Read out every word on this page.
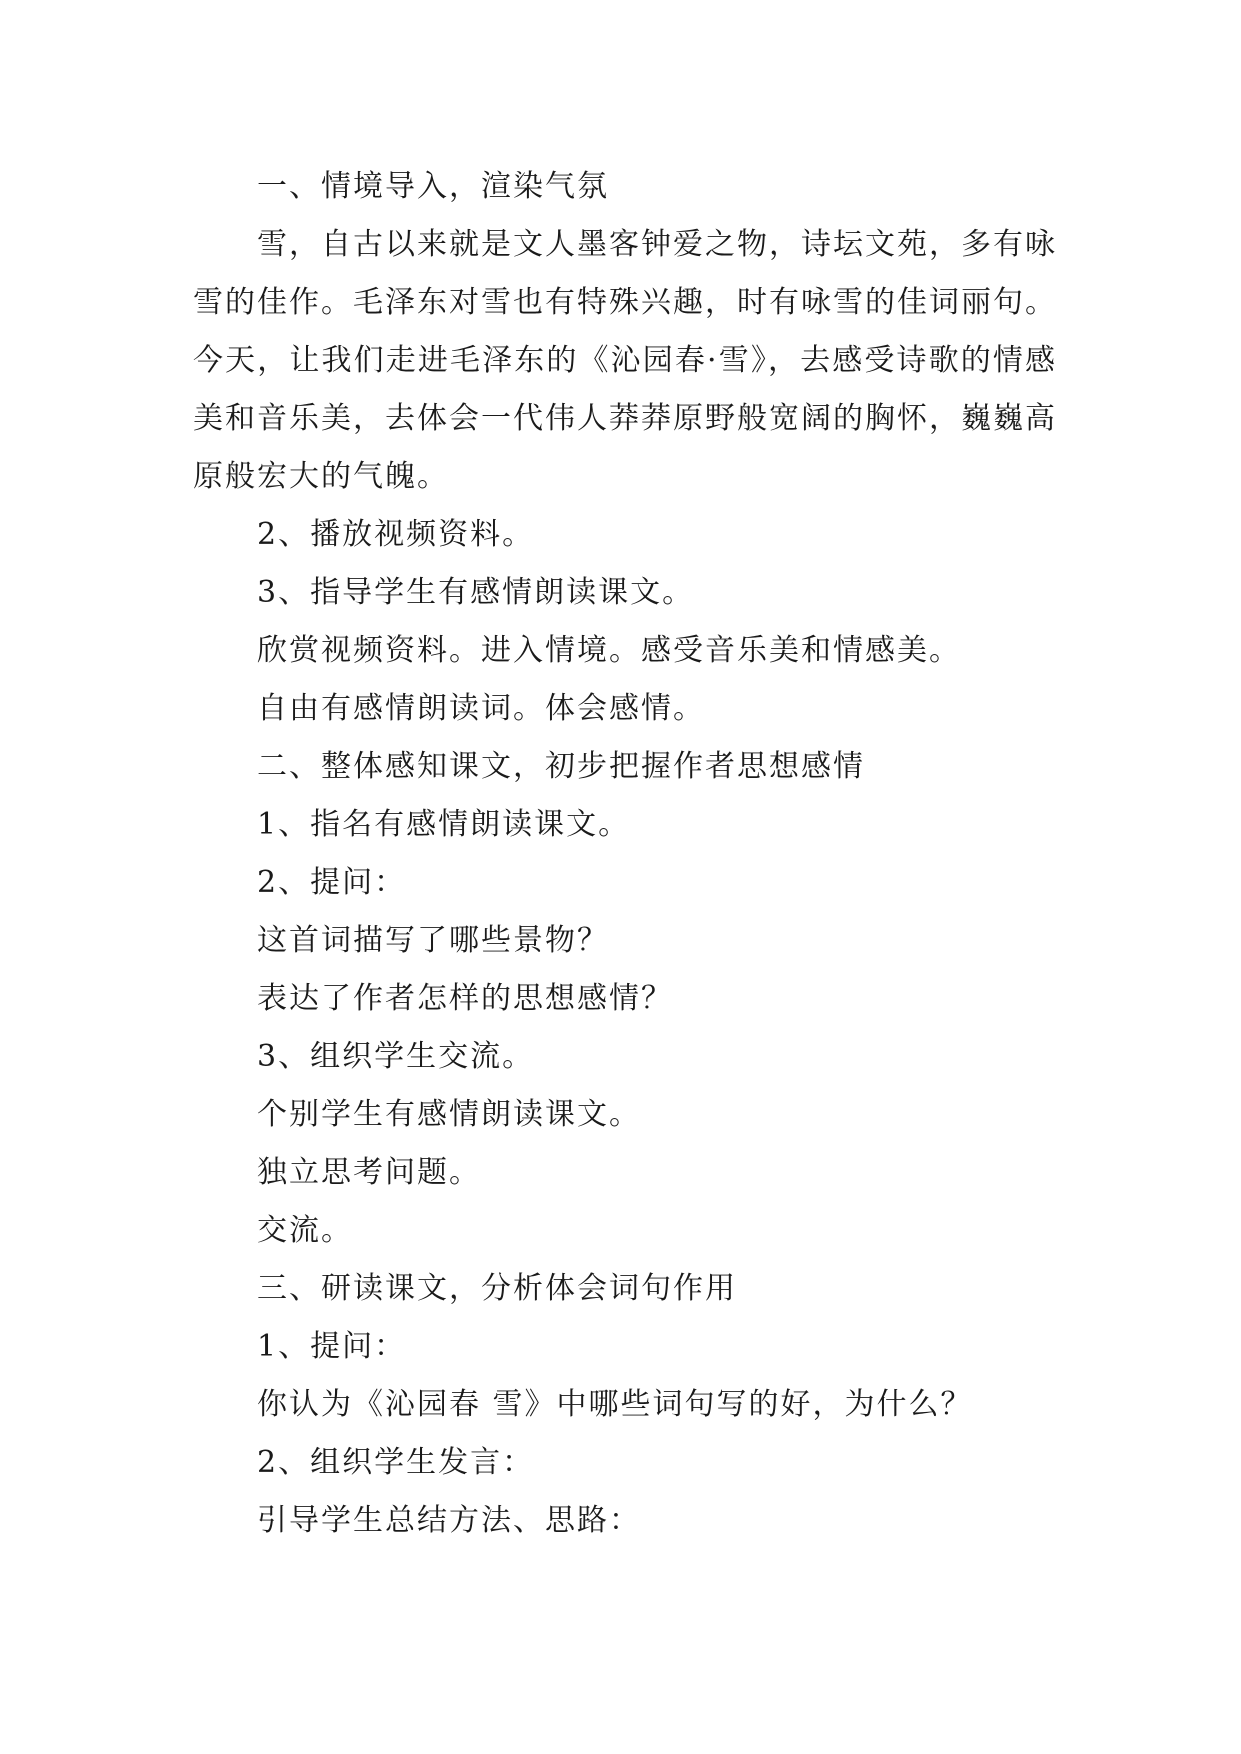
一、情境导入，渲染气氛

雪，自古以来就是文人墨客钟爱之物，诗坛文苑，多有咏雪的佳作。毛泽东对雪也有特殊兴趣，时有咏雪的佳词丽句。今天，让我们走进毛泽东的《沁园春·雪》，去感受诗歌的情感美和音乐美，去体会一代伟人莽莽原野般宽阔的胸怀，巍巍高原般宏大的气魄。

2、播放视频资料。
3、指导学生有感情朗读课文。
欣赏视频资料。进入情境。感受音乐美和情感美。
自由有感情朗读词。体会感情。
二、整体感知课文，初步把握作者思想感情
1、指名有感情朗读课文。
2、提问：
这首词描写了哪些景物？
表达了作者怎样的思想感情？
3、组织学生交流。
个别学生有感情朗读课文。
独立思考问题。
交流。
三、研读课文，分析体会词句作用
1、提问：
你认为《沁园春 雪》中哪些词句写的好，为什么？
2、组织学生发言：
引导学生总结方法、思路：
